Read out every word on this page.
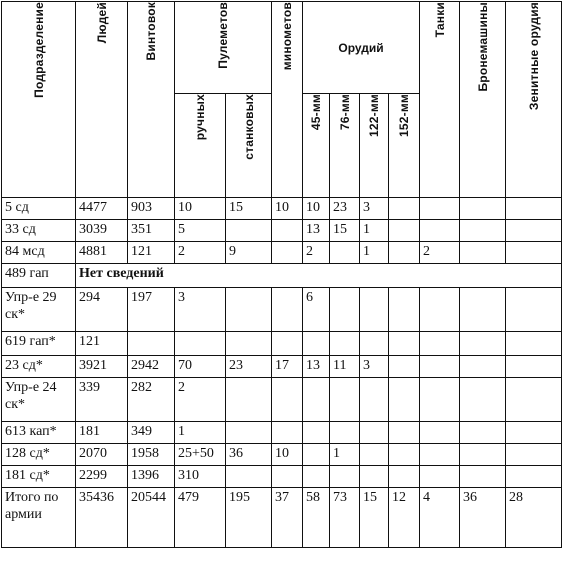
Подразделение	Людей	Винтовок	Пулеметов		минометов	Орудий				Танки	Бронемашины	Зенитные орудия

			ручных	станковых		45-мм	76-мм	122-мм	152-мм			

5 сд	4477	903	10	15	10	10	23	3				
33 сд	3039	351	5			13	15	1				
84 мсд	4881	121	2	9		2		1		2		
489 гап	Нет сведений											
Упр-е 29 ск*	294	197	3			6						
619 гап*	121											
23 сд*	3921	2942	70	23	17	13	11	3				
Упр-е 24 ск*	339	282	2									
613 кап*	181	349	1									
128 сд*	2070	1958	25+50	36	10		1					
181 сд*	2299	1396	310									
Итого по армии	35436	20544	479	195	37	58	73	15	12	4	36	28
